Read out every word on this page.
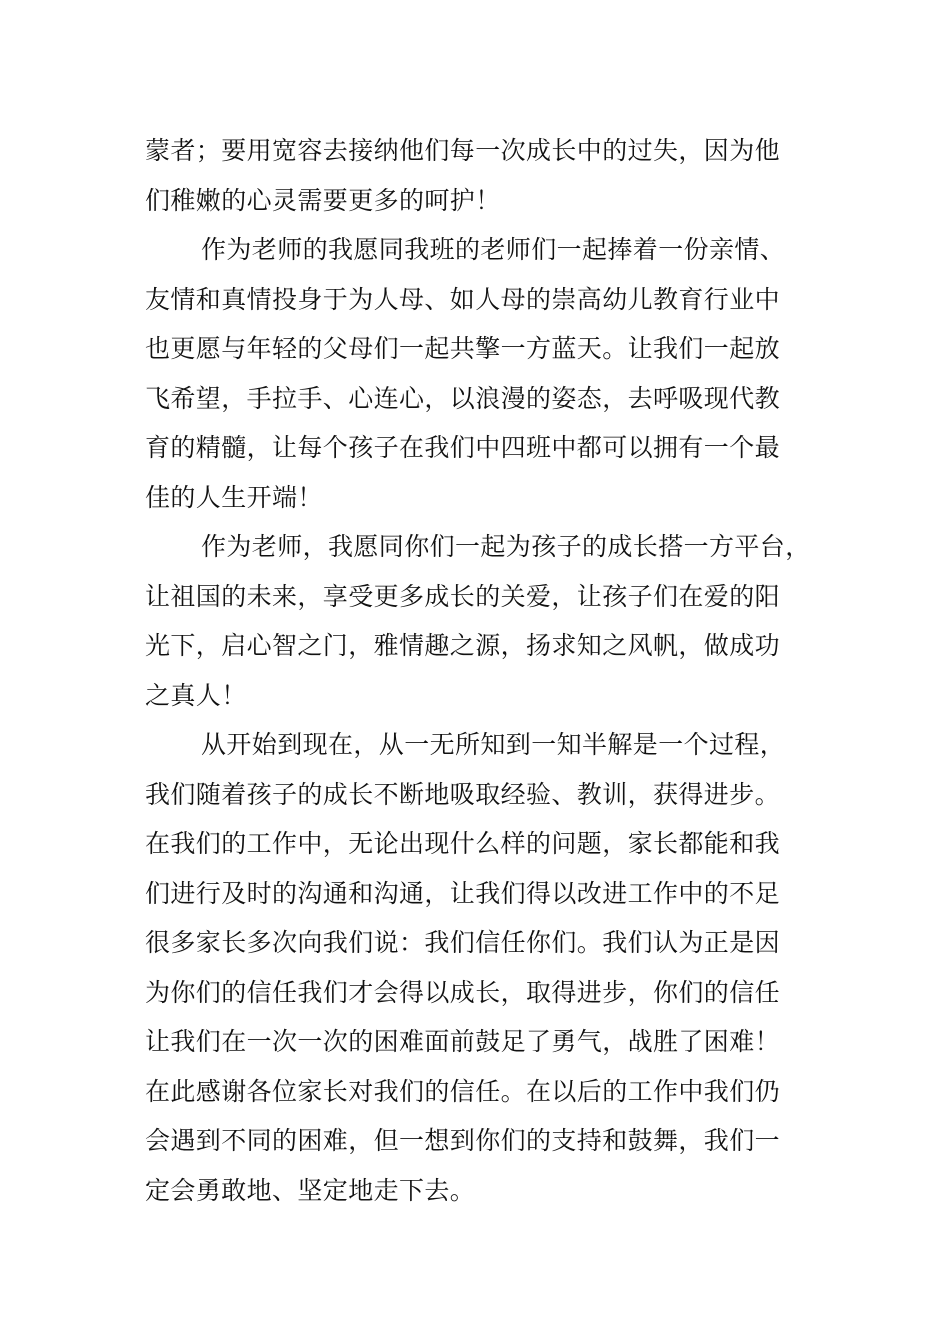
蒙者；要用宽容去接纳他们每一次成长中的过失，因为他
们稚嫩的心灵需要更多的呵护！
作为老师的我愿同我班的老师们一起捧着一份亲情、
友情和真情投身于为人母、如人母的崇高幼儿教育行业中
也更愿与年轻的父母们一起共擎一方蓝天。让我们一起放
飞希望，手拉手、心连心，以浪漫的姿态，去呼吸现代教
育的精髓，让每个孩子在我们中四班中都可以拥有一个最
佳的人生开端！
作为老师，我愿同你们一起为孩子的成长搭一方平台，
让祖国的未来，享受更多成长的关爱，让孩子们在爱的阳
光下，启心智之门，雅情趣之源，扬求知之风帆，做成功
之真人！
从开始到现在，从一无所知到一知半解是一个过程，
我们随着孩子的成长不断地吸取经验、教训，获得进步。
在我们的工作中，无论出现什么样的问题，家长都能和我
们进行及时的沟通和沟通，让我们得以改进工作中的不足
很多家长多次向我们说：我们信任你们。我们认为正是因
为你们的信任我们才会得以成长，取得进步，你们的信任
让我们在一次一次的困难面前鼓足了勇气，战胜了困难！
在此感谢各位家长对我们的信任。在以后的工作中我们仍
会遇到不同的困难，但一想到你们的支持和鼓舞，我们一
定会勇敢地、坚定地走下去。
